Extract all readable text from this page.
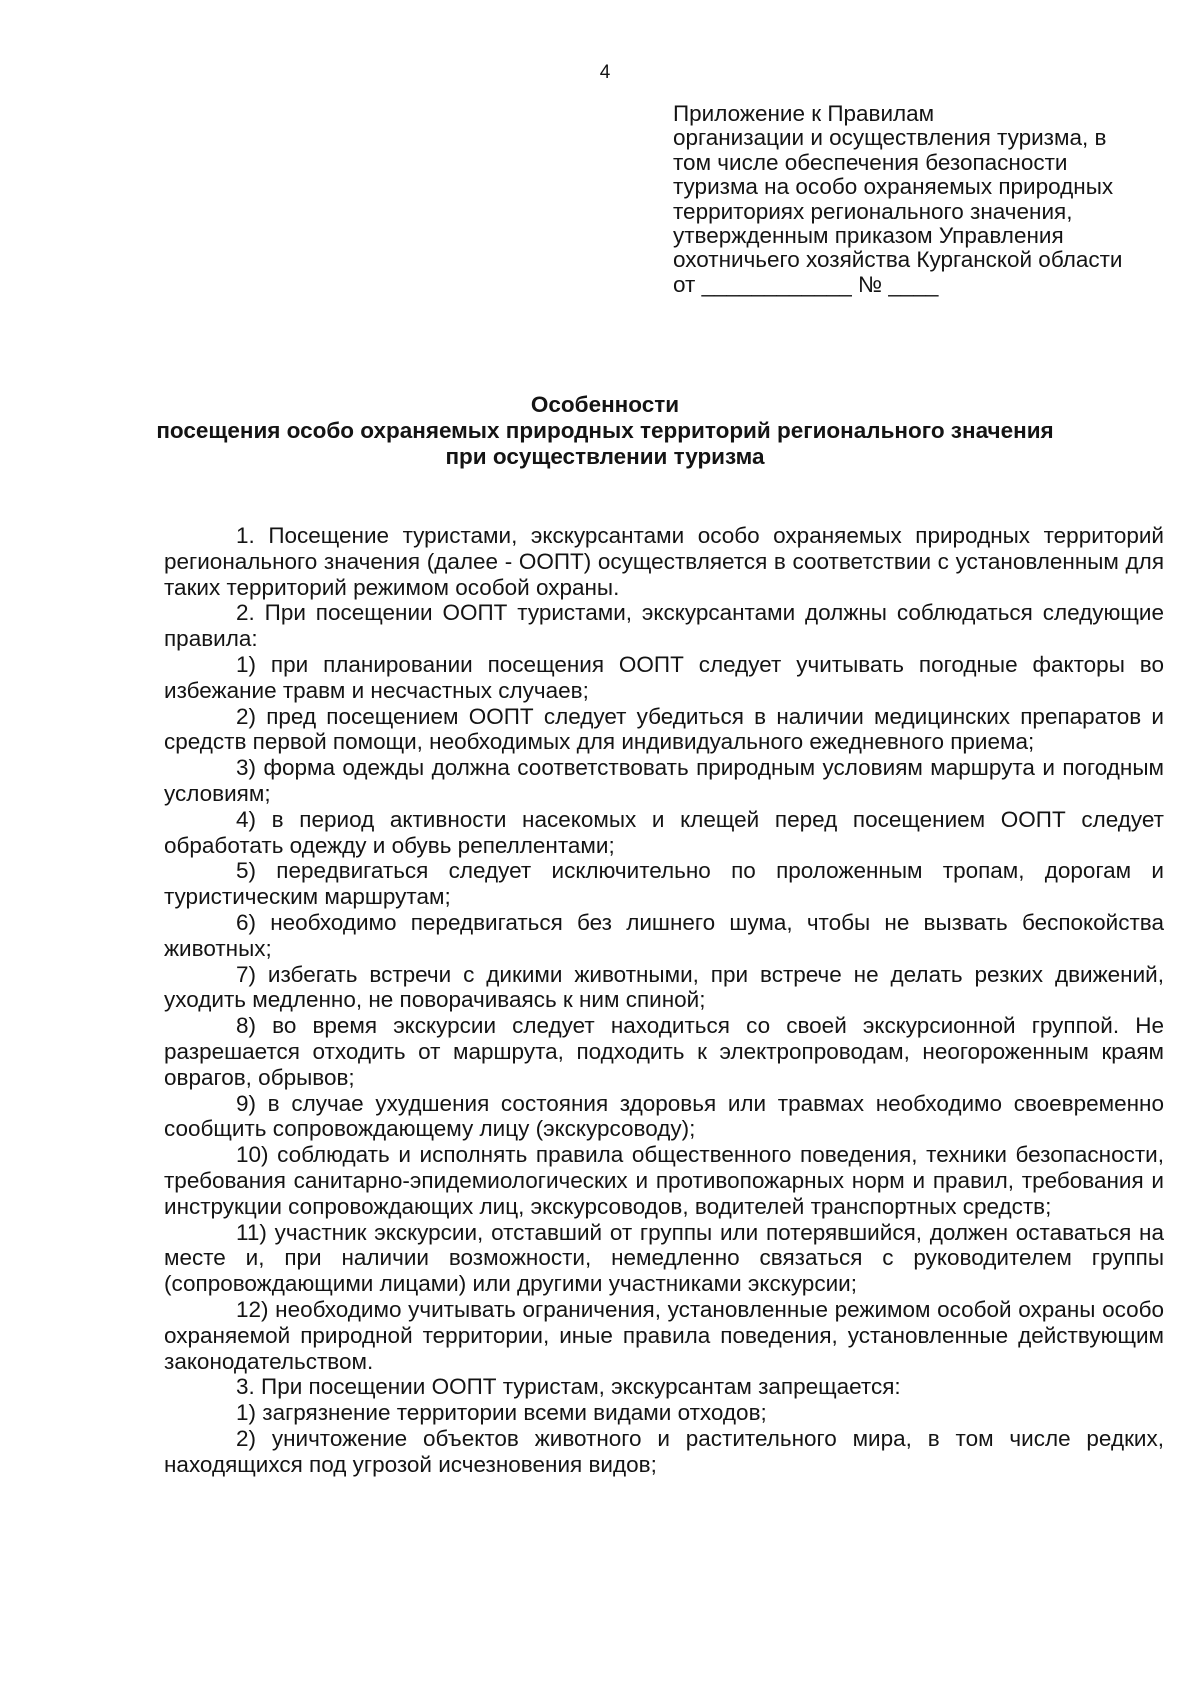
4
Приложение к Правилам
организации и осуществления туризма, в
том числе обеспечения безопасности
туризма на особо охраняемых природных
территориях регионального значения,
утвержденным приказом Управления
охотничьего хозяйства Курганской области
от ____________ № ____
Особенности
посещения особо охраняемых природных территорий регионального значения
при осуществлении туризма

1. Посещение туристами, экскурсантами особо охраняемых природных территорий регионального значения (далее - ООПТ) осуществляется в соответствии с установленным для таких территорий режимом особой охраны.

2. При посещении ООПТ туристами, экскурсантами должны соблюдаться следующие правила:

1) при планировании посещения ООПТ следует учитывать погодные факторы во избежание травм и несчастных случаев;

2) пред посещением ООПТ следует убедиться в наличии медицинских препаратов и средств первой помощи, необходимых для индивидуального ежедневного приема;

3) форма одежды должна соответствовать природным условиям маршрута и погодным условиям;

4) в период активности насекомых и клещей перед посещением ООПТ следует обработать одежду и обувь репеллентами;

5) передвигаться следует исключительно по проложенным тропам, дорогам и туристическим маршрутам;

6) необходимо передвигаться без лишнего шума, чтобы не вызвать беспокойства животных;

7) избегать встречи с дикими животными, при встрече не делать резких движений, уходить медленно, не поворачиваясь к ним спиной;

8) во время экскурсии следует находиться со своей экскурсионной группой. Не разрешается отходить от маршрута, подходить к электропроводам, неогороженным краям оврагов, обрывов;

9) в случае ухудшения состояния здоровья или травмах необходимо своевременно сообщить сопровождающему лицу (экскурсоводу);

10) соблюдать и исполнять правила общественного поведения, техники безопасности, требования санитарно-эпидемиологических и противопожарных норм и правил, требования и инструкции сопровождающих лиц, экскурсоводов, водителей транспортных средств;

11) участник экскурсии, отставший от группы или потерявшийся, должен оставаться на месте и, при наличии возможности, немедленно связаться с руководителем группы (сопровождающими лицами) или другими участниками экскурсии;

12) необходимо учитывать ограничения, установленные режимом особой охраны особо охраняемой природной территории, иные правила поведения, установленные действующим законодательством.

3. При посещении ООПТ туристам, экскурсантам запрещается:

1) загрязнение территории всеми видами отходов;

2) уничтожение объектов животного и растительного мира, в том числе редких, находящихся под угрозой исчезновения видов;
